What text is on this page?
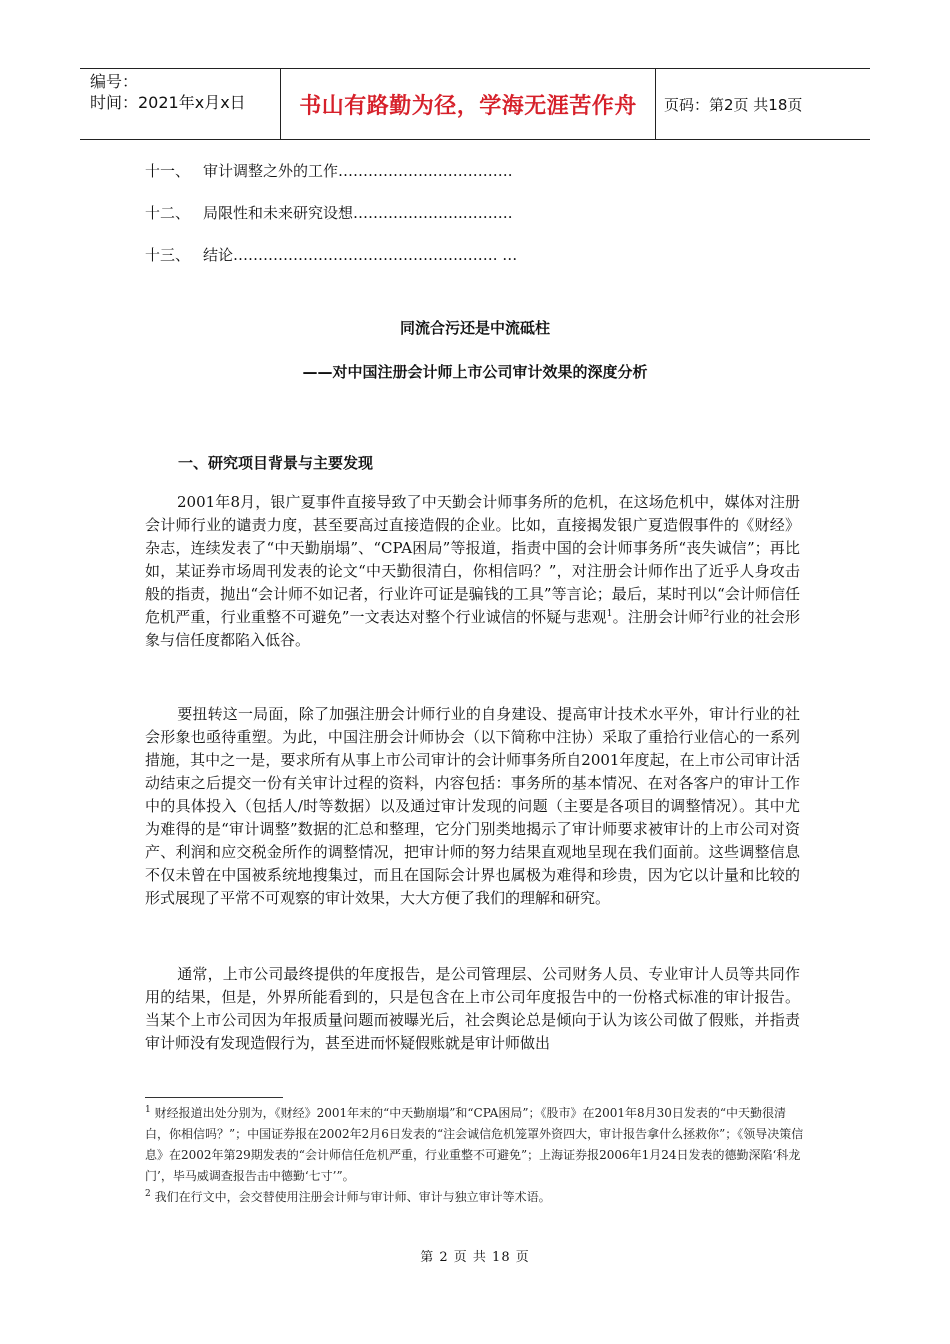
编号：
时间：2021年x月x日	书山有路勤为径，学海无涯苦作舟	页码：第2页 共18页
十一、 审计调整之外的工作……………….…………….
十二、 局限性和未来研究设想………………….……….
十三、 结论……………………………………….……. …
同流合污还是中流砥柱
——对中国注册会计师上市公司审计效果的深度分析
一、研究项目背景与主要发现

2001年8月，银广夏事件直接导致了中天勤会计师事务所的危机，在这场危机中，媒体对注册会计师行业的谴责力度，甚至要高过直接造假的企业。比如，直接揭发银广夏造假事件的《财经》杂志，连续发表了“中天勤崩塌”、“CPA困局”等报道，指责中国的会计师事务所“丧失诚信”；再比如，某证券市场周刊发表的论文“中天勤很清白，你相信吗？”，对注册会计师作出了近乎人身攻击般的指责，抛出“会计师不如记者，行业许可证是骗钱的工具”等言论；最后，某时刊以“会计师信任危机严重，行业重整不可避免”一文表达对整个行业诚信的怀疑与悲观$^1$。注册会计师$^2$行业的社会形象与信任度都陷入低谷。

要扭转这一局面，除了加强注册会计师行业的自身建设、提高审计技术水平外，审计行业的社会形象也亟待重塑。为此，中国注册会计师协会（以下简称中注协）采取了重拾行业信心的一系列措施，其中之一是，要求所有从事上市公司审计的会计师事务所自2001年度起，在上市公司审计活动结束之后提交一份有关审计过程的资料，内容包括：事务所的基本情况、在对各客户的审计工作中的具体投入（包括人/时等数据）以及通过审计发现的问题（主要是各项目的调整情况）。其中尤为难得的是“审计调整”数据的汇总和整理，它分门别类地揭示了审计师要求被审计的上市公司对资产、利润和应交税金所作的调整情况，把审计师的努力结果直观地呈现在我们面前。这些调整信息不仅未曾在中国被系统地搜集过，而且在国际会计界也属极为难得和珍贵，因为它以计量和比较的形式展现了平常不可观察的审计效果，大大方便了我们的理解和研究。

通常，上市公司最终提供的年度报告，是公司管理层、公司财务人员、专业审计人员等共同作用的结果，但是，外界所能看到的，只是包含在上市公司年度报告中的一份格式标准的审计报告。当某个上市公司因为年报质量问题而被曝光后，社会舆论总是倾向于认为该公司做了假账，并指责审计师没有发现造假行为，甚至进而怀疑假账就是审计师做出

$^1$ 财经报道出处分别为，《财经》2001年末的“中天勤崩塌”和“CPA困局”；《股市》在2001年8月30日发表的“中天勤很清白，你相信吗？”；中国证券报在2002年2月6日发表的“注会诚信危机笼罩外资四大，审计报告拿什么拯救你”；《领导决策信息》在2002年第29期发表的“会计师信任危机严重，行业重整不可避免”；上海证券报2006年1月24日发表的德勤深陷‘科龙门’，毕马威调查报告击中德勤‘七寸’”。

$^2$ 我们在行文中，会交替使用注册会计师与审计师、审计与独立审计等术语。

第 2 页 共 18 页
